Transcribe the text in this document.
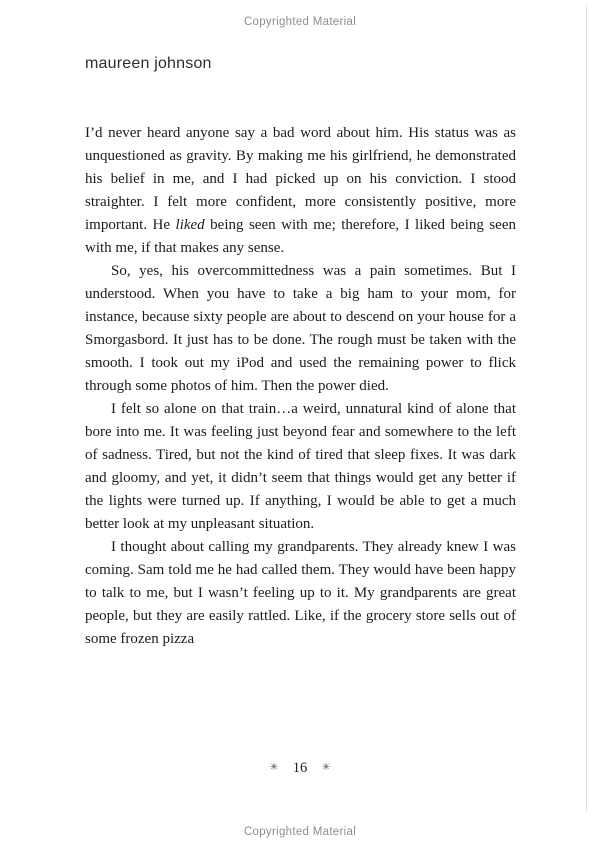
Copyrighted Material
maureen johnson

I’d never heard anyone say a bad word about him. His status was as unquestioned as gravity. By making me his girlfriend, he demonstrated his belief in me, and I had picked up on his conviction. I stood straighter. I felt more confident, more consistently positive, more important. He liked being seen with me; therefore, I liked being seen with me, if that makes any sense.

So, yes, his overcommittedness was a pain sometimes. But I understood. When you have to take a big ham to your mom, for instance, because sixty people are about to descend on your house for a Smorgasbord. It just has to be done. The rough must be taken with the smooth. I took out my iPod and used the remaining power to flick through some photos of him. Then the power died.

I felt so alone on that train…a weird, unnatural kind of alone that bore into me. It was feeling just beyond fear and somewhere to the left of sadness. Tired, but not the kind of tired that sleep fixes. It was dark and gloomy, and yet, it didn’t seem that things would get any better if the lights were turned up. If anything, I would be able to get a much better look at my unpleasant situation.

I thought about calling my grandparents. They already knew I was coming. Sam told me he had called them. They would have been happy to talk to me, but I wasn’t feeling up to it. My grandparents are great people, but they are easily rattled. Like, if the grocery store sells out of some frozen pizza

✳ 16 ✳
Copyrighted Material
